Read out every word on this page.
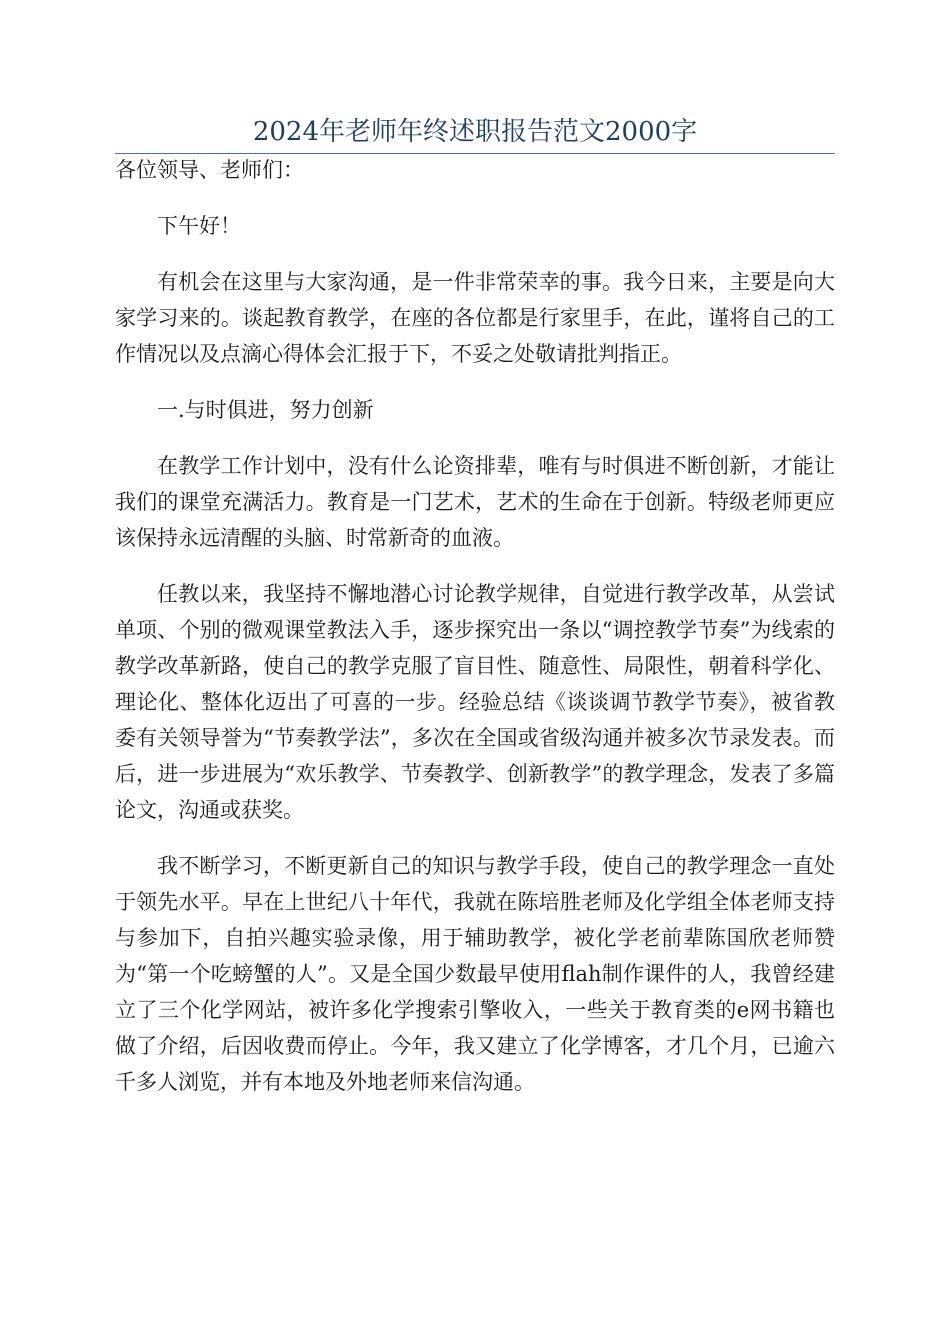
2024年老师年终述职报告范文2000字

各位领导、老师们：

下午好！

有机会在这里与大家沟通，是一件非常荣幸的事。我今日来，主要是向大家学习来的。谈起教育教学，在座的各位都是行家里手，在此，谨将自己的工作情况以及点滴心得体会汇报于下，不妥之处敬请批判指正。

一.与时俱进，努力创新

在教学工作计划中，没有什么论资排辈，唯有与时俱进不断创新，才能让我们的课堂充满活力。教育是一门艺术，艺术的生命在于创新。特级老师更应该保持永远清醒的头脑、时常新奇的血液。

任教以来，我坚持不懈地潜心讨论教学规律，自觉进行教学改革，从尝试单项、个别的微观课堂教法入手，逐步探究出一条以“调控教学节奏”为线索的教学改革新路，使自己的教学克服了盲目性、随意性、局限性，朝着科学化、理论化、整体化迈出了可喜的一步。经验总结《谈谈调节教学节奏》，被省教委有关领导誉为“节奏教学法”，多次在全国或省级沟通并被多次节录发表。而后，进一步进展为“欢乐教学、节奏教学、创新教学”的教学理念，发表了多篇论文，沟通或获奖。

我不断学习，不断更新自己的知识与教学手段，使自己的教学理念一直处于领先水平。早在上世纪八十年代，我就在陈培胜老师及化学组全体老师支持与参加下，自拍兴趣实验录像，用于辅助教学，被化学老前辈陈国欣老师赞为“第一个吃螃蟹的人”。又是全国少数最早使用flah制作课件的人，我曾经建立了三个化学网站，被许多化学搜索引擎收入，一些关于教育类的e网书籍也做了介绍，后因收费而停止。今年，我又建立了化学博客，才几个月，已逾六千多人浏览，并有本地及外地老师来信沟通。
